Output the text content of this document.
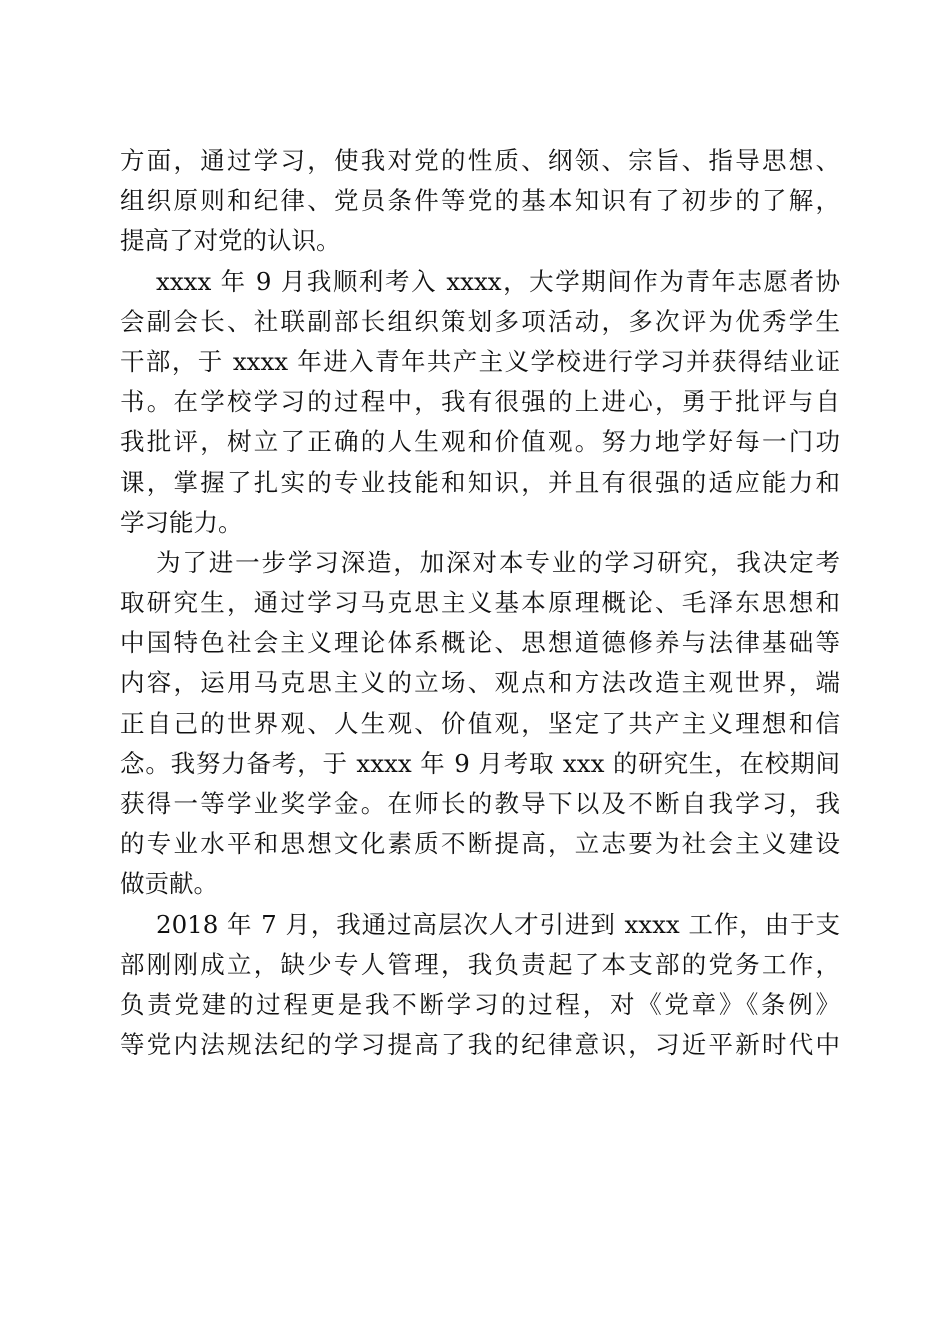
方面，通过学习，使我对党的性质、纲领、宗旨、指导思想、
组织原则和纪律、党员条件等党的基本知识有了初步的了解，
提高了对党的认识。
xxxx 年 9 月我顺利考入 xxxx，大学期间作为青年志愿者协
会副会长、社联副部长组织策划多项活动，多次评为优秀学生
干部，于 xxxx 年进入青年共产主义学校进行学习并获得结业证
书。在学校学习的过程中，我有很强的上进心，勇于批评与自
我批评，树立了正确的人生观和价值观。努力地学好每一门功
课，掌握了扎实的专业技能和知识，并且有很强的适应能力和
学习能力。
为了进一步学习深造，加深对本专业的学习研究，我决定考
取研究生，通过学习马克思主义基本原理概论、毛泽东思想和
中国特色社会主义理论体系概论、思想道德修养与法律基础等
内容，运用马克思主义的立场、观点和方法改造主观世界，端
正自己的世界观、人生观、价值观，坚定了共产主义理想和信
念。我努力备考，于 xxxx 年 9 月考取 xxx 的研究生，在校期间
获得一等学业奖学金。在师长的教导下以及不断自我学习，我
的专业水平和思想文化素质不断提高，立志要为社会主义建设
做贡献。
2018 年 7 月，我通过高层次人才引进到 xxxx 工作，由于支
部刚刚成立，缺少专人管理，我负责起了本支部的党务工作，
负责党建的过程更是我不断学习的过程，对《党章》《条例》
等党内法规法纪的学习提高了我的纪律意识，习近平新时代中
